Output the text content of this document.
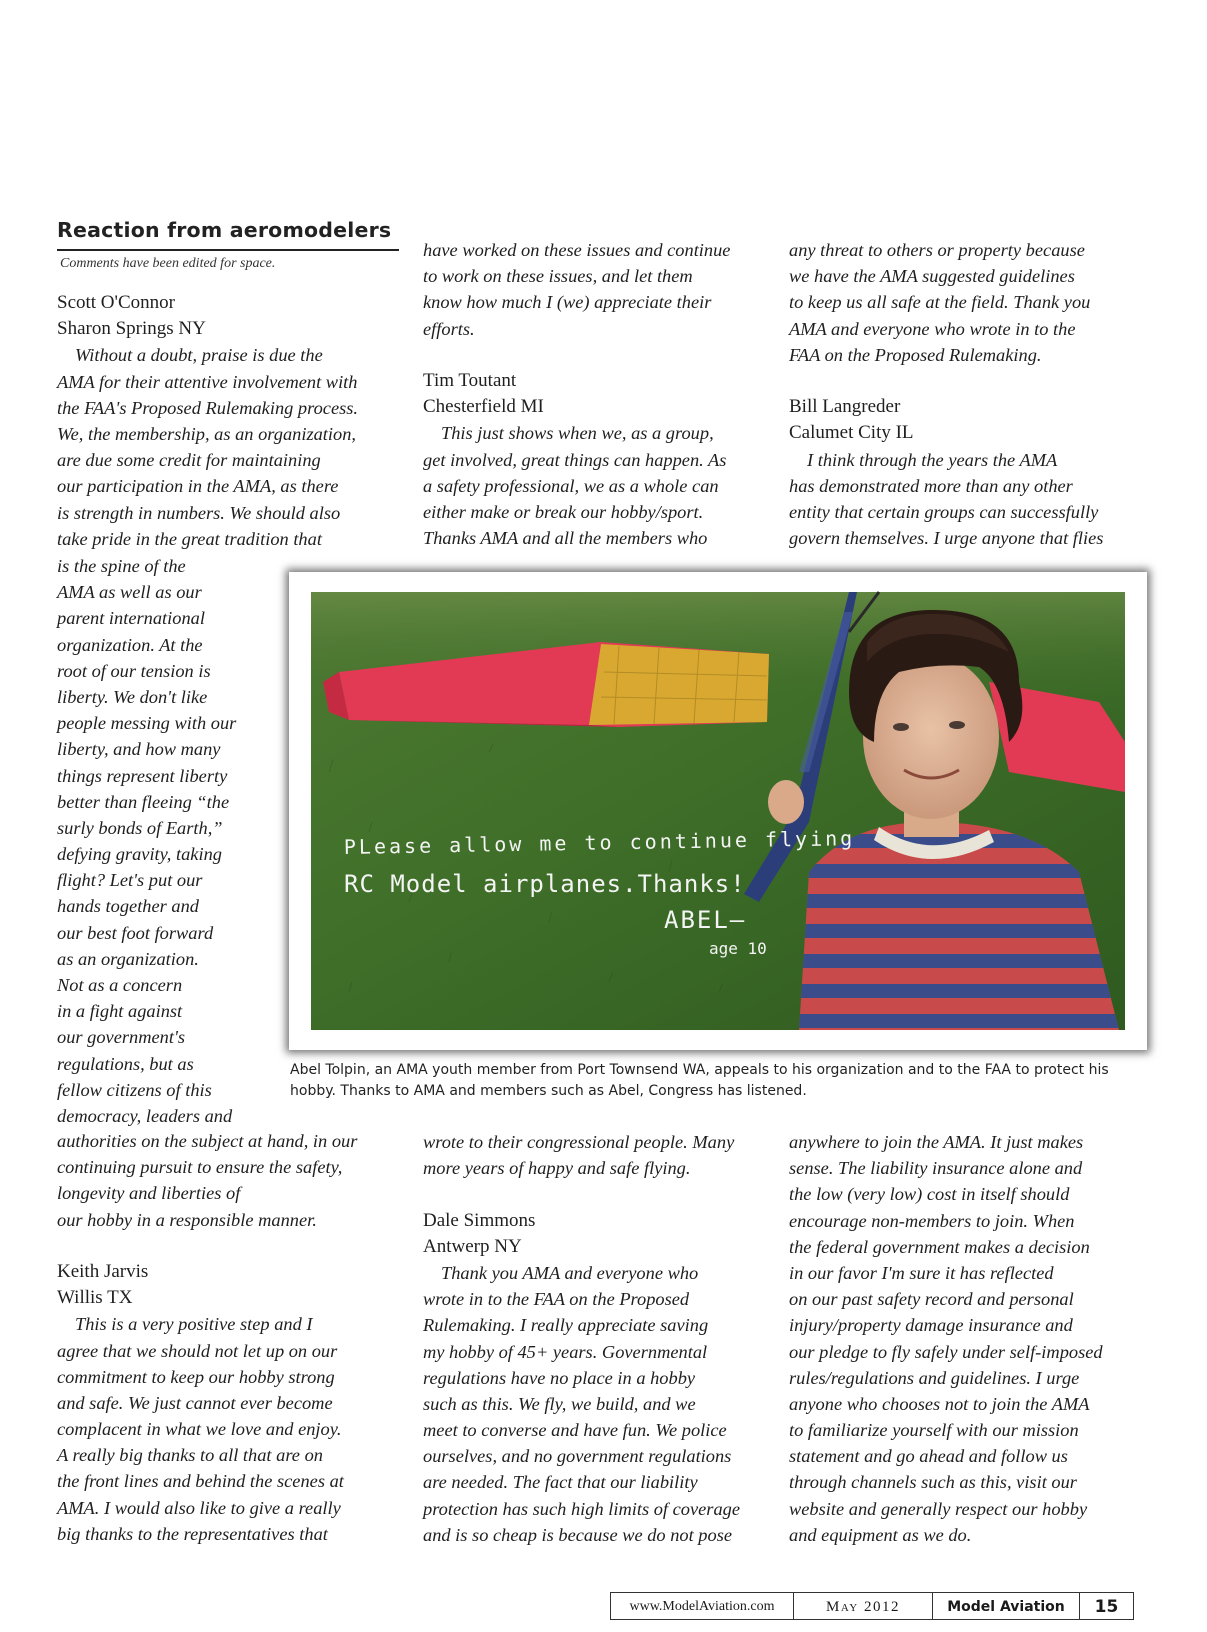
Reaction from aeromodelers
Comments have been edited for space.
Scott O'Connor
Sharon Springs NY
Without a doubt, praise is due the
AMA for their attentive involvement with
the FAA's Proposed Rulemaking process.
We, the membership, as an organization,
are due some credit for maintaining
our participation in the AMA, as there
is strength in numbers. We should also
take pride in the great tradition that
is the spine of the
AMA as well as our
parent international
organization. At the
root of our tension is
liberty. We don't like
people messing with our
liberty, and how many
things represent liberty
better than fleeing “the
surly bonds of Earth,”
defying gravity, taking
flight? Let's put our
hands together and
our best foot forward
as an organization.
Not as a concern
in a fight against
our government's
regulations, but as
fellow citizens of this
democracy, leaders and
authorities on the subject at hand, in our
continuing pursuit to ensure the safety,
longevity and liberties of
our hobby in a responsible manner.
Keith Jarvis
Willis TX
This is a very positive step and I
agree that we should not let up on our
commitment to keep our hobby strong
and safe. We just cannot ever become
complacent in what we love and enjoy.
A really big thanks to all that are on
the front lines and behind the scenes at
AMA. I would also like to give a really
big thanks to the representatives that
have worked on these issues and continue
to work on these issues, and let them
know how much I (we) appreciate their
efforts.
Tim Toutant
Chesterfield MI
This just shows when we, as a group,
get involved, great things can happen. As
a safety professional, we as a whole can
either make or break our hobby/sport.
Thanks AMA and all the members who
wrote to their congressional people. Many
more years of happy and safe flying.
Dale Simmons
Antwerp NY
Thank you AMA and everyone who
wrote in to the FAA on the Proposed
Rulemaking. I really appreciate saving
my hobby of 45+ years. Governmental
regulations have no place in a hobby
such as this. We fly, we build, and we
meet to converse and have fun. We police
ourselves, and no government regulations
are needed. The fact that our liability
protection has such high limits of coverage
and is so cheap is because we do not pose
any threat to others or property because
we have the AMA suggested guidelines
to keep us all safe at the field. Thank you
AMA and everyone who wrote in to the
FAA on the Proposed Rulemaking.
Bill Langreder
Calumet City IL
I think through the years the AMA
has demonstrated more than any other
entity that certain groups can successfully
govern themselves. I urge anyone that flies
anywhere to join the AMA. It just makes
sense. The liability insurance alone and
the low (very low) cost in itself should
encourage non-members to join. When
the federal government makes a decision
in our favor I'm sure it has reflected
on our past safety record and personal
injury/property damage insurance and
our pledge to fly safely under self-imposed
rules/regulations and guidelines. I urge
anyone who chooses not to join the AMA
to familiarize yourself with our mission
statement and go ahead and follow us
through channels such as this, visit our
website and generally respect our hobby
and equipment as we do.
PLease allow me to continue flying
RC Model airplanes.Thanks!
ABEL–
age 10
Abel Tolpin, an AMA youth member from Port Townsend WA, appeals to his organization and to the FAA to protect his
hobby. Thanks to AMA and members such as Abel, Congress has listened.
www.ModelAviation.com	May 2012	Model Aviation	15
